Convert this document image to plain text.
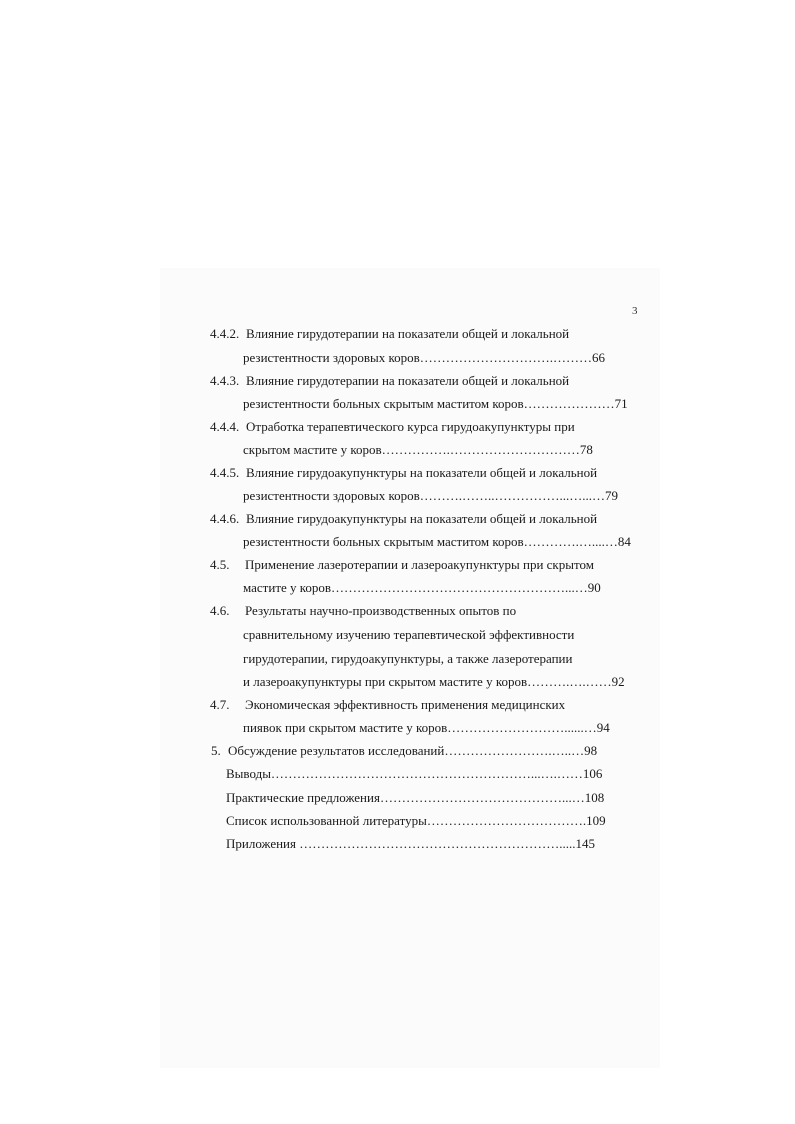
3
4.4.2. Влияние гирудотерапии на показатели общей и локальной
резистентности здоровых коров………………………….………66
4.4.3. Влияние гирудотерапии на показатели общей и локальной
резистентности больных скрытым маститом коров…………………71
4.4.4. Отработка терапевтического курса гирудоакупунктуры при
скрытом мастите у коров…………….…………………………78
4.4.5. Влияние гирудоакупунктуры на показатели общей и локальной
резистентности здоровых коров……….……..……………...…...…79
4.4.6. Влияние гирудоакупунктуры на показатели общей и локальной
резистентности больных скрытым маститом коров………….…....…84
4.5. Применение лазеротерапии и лазероакупунктуры при скрытом
мастите у коров………………………………………………...…90
4.6. Результаты научно-производственных опытов по
сравнительному изучению терапевтической эффективности
гирудотерапии, гирудоакупунктуры, а также лазеротерапии
и лазероакупунктуры при скрытом мастите у коров……….….……92
4.7. Экономическая эффективность применения медицинских
пиявок при скрытом мастите у коров………………………......…94
5. Обсуждение результатов исследований…………………….…..…98
Выводы……………………………………………………...….……106
Практические предложения……………………………………...…108
Список использованной литературы……………………………….109
Приложения …………………………………………………….....145
